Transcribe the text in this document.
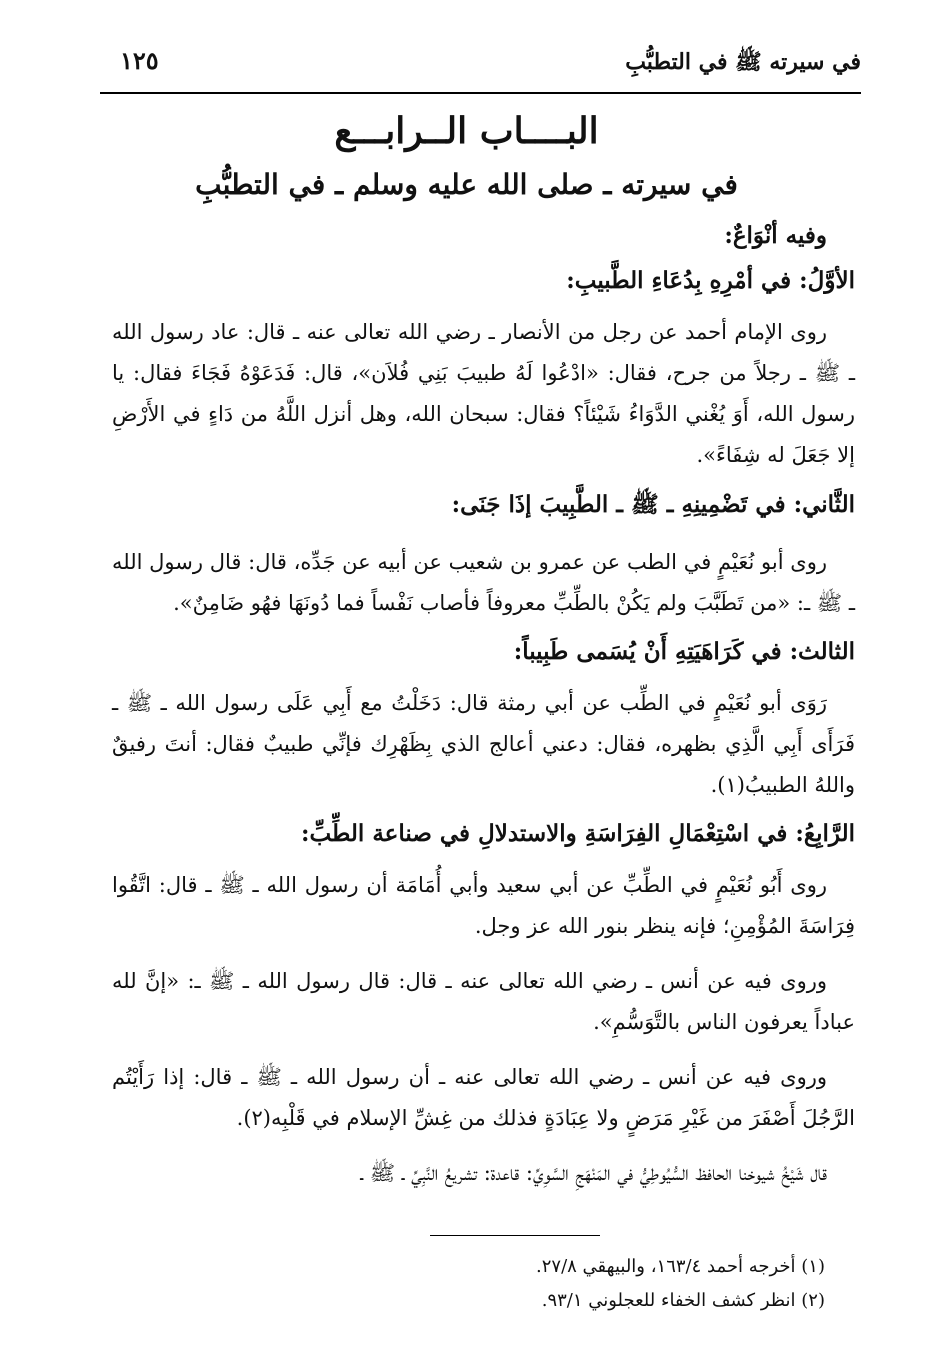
في سيرته ﷺ في التطبُّبِ
١٢٥
البــــاب الــرابـــع
في سيرته ـ صلى الله عليه وسلم ـ في التطبُّبِ
وفيه أنْوَاعٌ:
الأوَّلُ: في أمْرِهِ بِدُعَاءِ الطَّبيبِ:

روى الإمام أحمد عن رجل من الأنصار ـ رضي الله تعالى عنه ـ قال: عاد رسول الله ـ ﷺ ـ رجلاً من جرح، فقال: «ادْعُوا لَهُ طبيبَ بَنِي فُلاَن»، قال: فَدَعَوْهُ فَجَاءَ فقال: يا رسول الله، أَوَ يُغْني الدَّوَاءُ شَيْئاً؟ فقال: سبحان الله، وهل أنزل اللَّهُ من دَاءٍ في الأَرْضِ إلا جَعَلَ له شِفَاءً».

الثَّاني: في تَضْمِينِهِ ـ ﷺ ـ الطَّبِيبَ إذَا جَنَى:

روى أبو نُعَيْمٍ في الطب عن عمرو بن شعيب عن أبيه عن جَدِّه، قال: قال رسول الله ـ ﷺ ـ: «من تَطَبَّبَ ولم يَكُنْ بالطِّبِّ معروفاً فأصاب نَفْساً فما دُونَهَا فهُو ضَامِنٌ».

الثالث: في كَرَاهَيَتِهِ أَنْ يُسَمى طَبِيباً:

رَوَى أبو نُعَيْمٍ في الطِّب عن أبي رمثة قال: دَخَلْتُ مع أَبِي عَلَى رسول الله ـ ﷺ ـ فَرَأَى أَبِي الَّذِي بظهره، فقال: دعني أعالج الذي بِظَهْرِك فإنِّي طبيبٌ فقال: أنتَ رفيقٌ واللهُ الطبيبُ(١).

الرَّابِعُ: في اسْتِعْمَالِ الفِرَاسَةِ والاستدلالِ في صناعة الطِّبِّ:

روى أَبُو نُعَيْمٍ في الطِّبِّ عن أبي سعيد وأبي أُمَامَة أن رسول الله ـ ﷺ ـ قال: اتَّقُوا فِرَاسَةَ المُؤْمِنِ؛ فإنه ينظر بنور الله عز وجل.

وروى فيه عن أنس ـ رضي الله تعالى عنه ـ قال: قال رسول الله ـ ﷺ ـ: «إنَّ لله عباداً يعرفون الناس بالتَّوَسُّمِ».

وروى فيه عن أنس ـ رضي الله تعالى عنه ـ أن رسول الله ـ ﷺ ـ قال: إذا رَأَيْتُم الرَّجُلَ أَصْفَرَ من غَيْرِ مَرَضٍ ولا عِبَادَةٍ فذلك من غِشِّ الإسلام في قَلْبِه(٢).

قال شَيْخُ شيوخنا الحافظ السُّيُوطِيُّ في المَنْهَجِ السَّوِيِّ: قاعدة: تشريعُ النَّبِيِّ ـ ﷺ ـ

(١) أخرجه أحمد ١٦٣/٤، والبيهقي ٢٧/٨.

(٢) انظر كشف الخفاء للعجلوني ٩٣/١.
